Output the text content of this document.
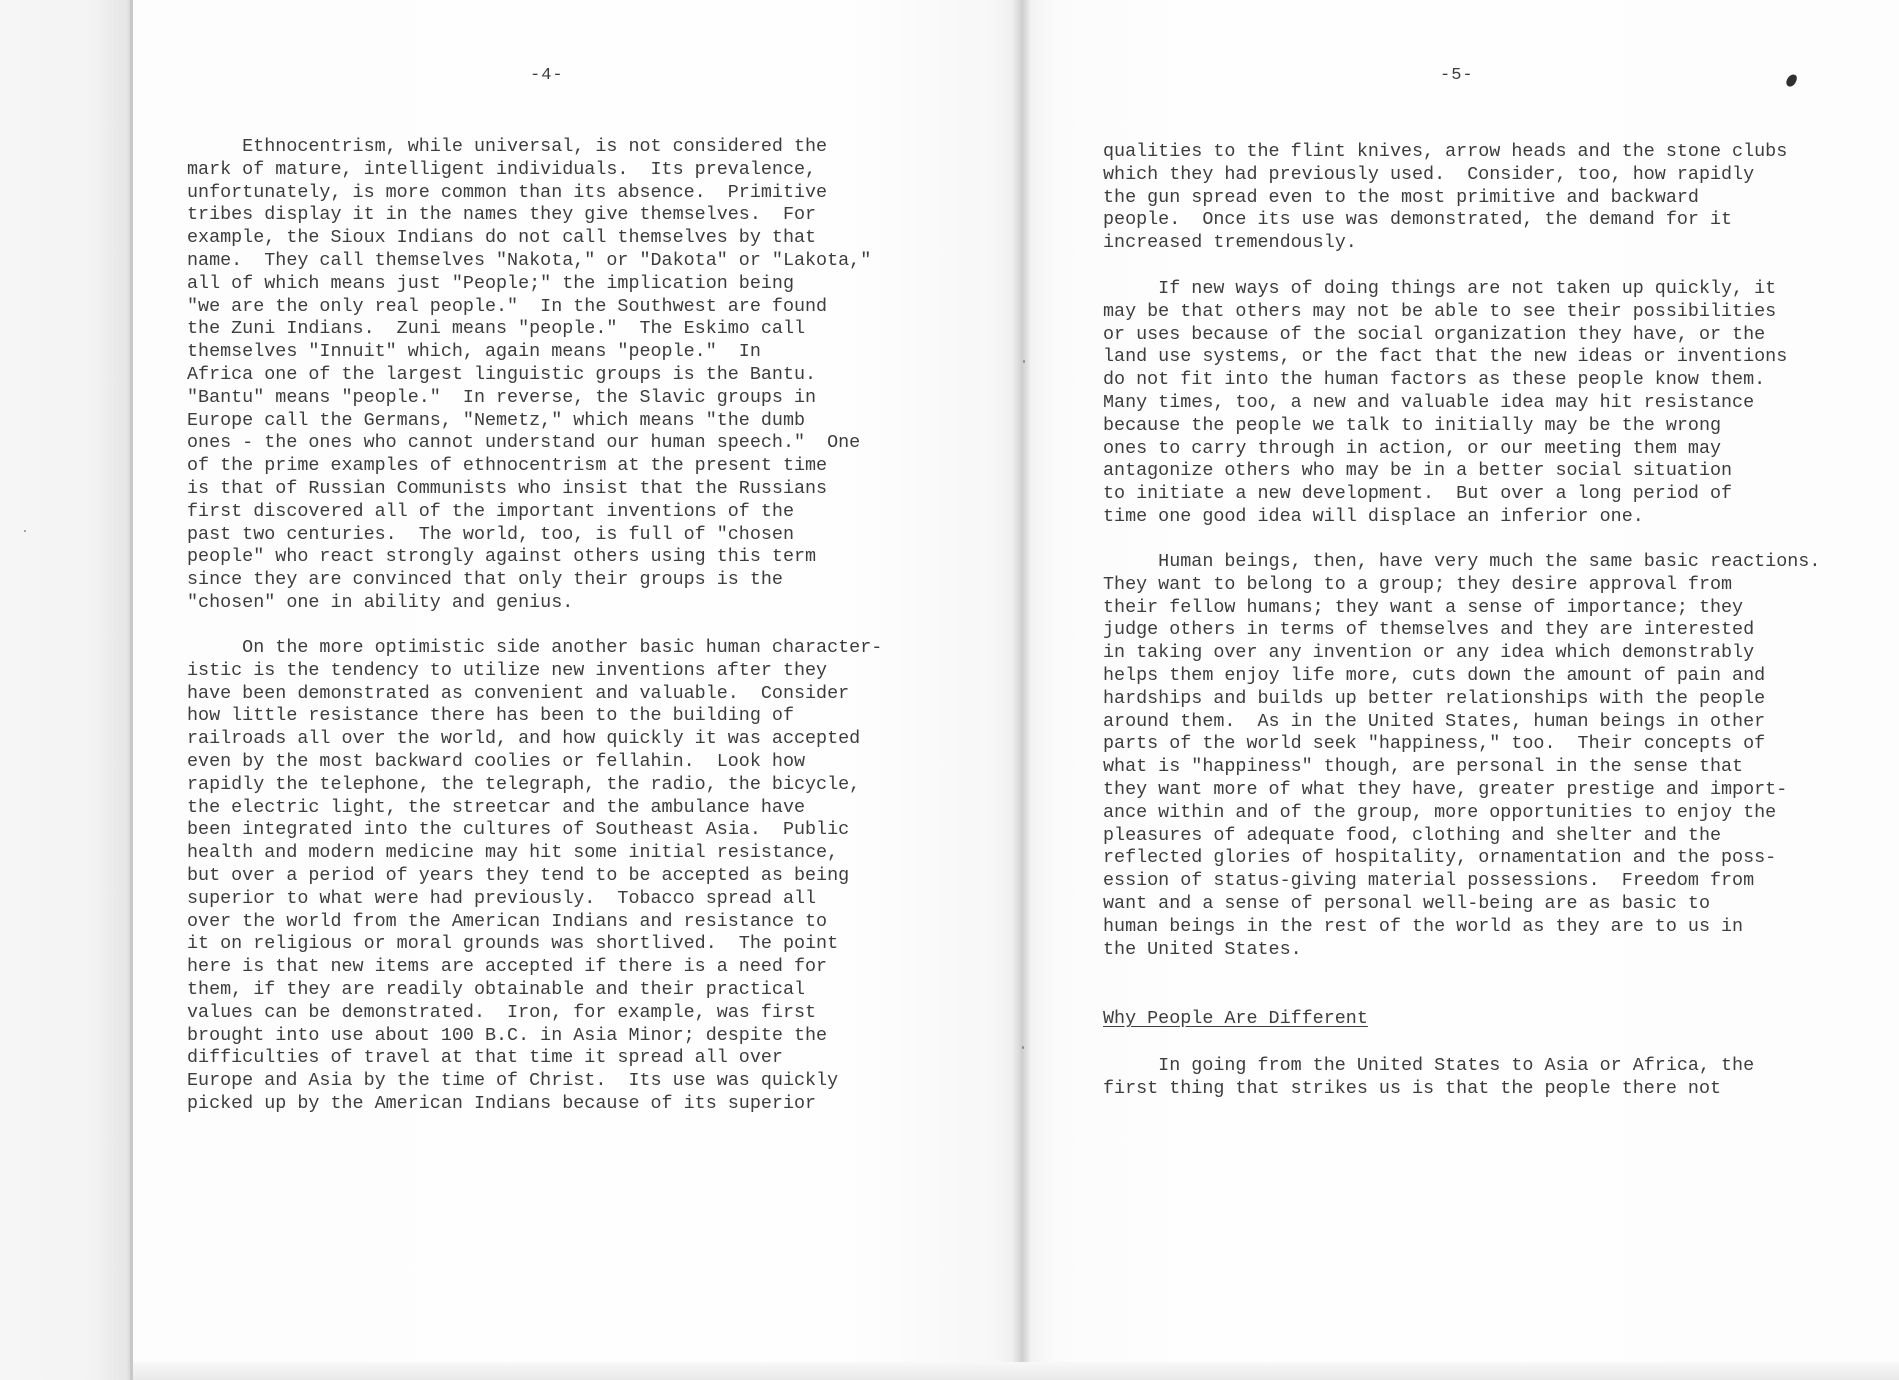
-4-
Ethnocentrism, while universal, is not considered the
mark of mature, intelligent individuals.  Its prevalence,
unfortunately, is more common than its absence.  Primitive
tribes display it in the names they give themselves.  For
example, the Sioux Indians do not call themselves by that
name.  They call themselves "Nakota," or "Dakota" or "Lakota,"
all of which means just "People;" the implication being
"we are the only real people."  In the Southwest are found
the Zuni Indians.  Zuni means "people."  The Eskimo call
themselves "Innuit" which, again means "people."  In
Africa one of the largest linguistic groups is the Bantu.
"Bantu" means "people."  In reverse, the Slavic groups in
Europe call the Germans, "Nemetz," which means "the dumb
ones - the ones who cannot understand our human speech."  One
of the prime examples of ethnocentrism at the present time
is that of Russian Communists who insist that the Russians
first discovered all of the important inventions of the
past two centuries.  The world, too, is full of "chosen
people" who react strongly against others using this term
since they are convinced that only their groups is the
"chosen" one in ability and genius.
On the more optimistic side another basic human character-
istic is the tendency to utilize new inventions after they
have been demonstrated as convenient and valuable.  Consider
how little resistance there has been to the building of
railroads all over the world, and how quickly it was accepted
even by the most backward coolies or fellahin.  Look how
rapidly the telephone, the telegraph, the radio, the bicycle,
the electric light, the streetcar and the ambulance have
been integrated into the cultures of Southeast Asia.  Public
health and modern medicine may hit some initial resistance,
but over a period of years they tend to be accepted as being
superior to what were had previously.  Tobacco spread all
over the world from the American Indians and resistance to
it on religious or moral grounds was shortlived.  The point
here is that new items are accepted if there is a need for
them, if they are readily obtainable and their practical
values can be demonstrated.  Iron, for example, was first
brought into use about 100 B.C. in Asia Minor; despite the
difficulties of travel at that time it spread all over
Europe and Asia by the time of Christ.  Its use was quickly
picked up by the American Indians because of its superior
-5-
qualities to the flint knives, arrow heads and the stone clubs
which they had previously used.  Consider, too, how rapidly
the gun spread even to the most primitive and backward
people.  Once its use was demonstrated, the demand for it
increased tremendously.
If new ways of doing things are not taken up quickly, it
may be that others may not be able to see their possibilities
or uses because of the social organization they have, or the
land use systems, or the fact that the new ideas or inventions
do not fit into the human factors as these people know them.
Many times, too, a new and valuable idea may hit resistance
because the people we talk to initially may be the wrong
ones to carry through in action, or our meeting them may
antagonize others who may be in a better social situation
to initiate a new development.  But over a long period of
time one good idea will displace an inferior one.
Human beings, then, have very much the same basic reactions.
They want to belong to a group; they desire approval from
their fellow humans; they want a sense of importance; they
judge others in terms of themselves and they are interested
in taking over any invention or any idea which demonstrably
helps them enjoy life more, cuts down the amount of pain and
hardships and builds up better relationships with the people
around them.  As in the United States, human beings in other
parts of the world seek "happiness," too.  Their concepts of
what is "happiness" though, are personal in the sense that
they want more of what they have, greater prestige and import-
ance within and of the group, more opportunities to enjoy the
pleasures of adequate food, clothing and shelter and the
reflected glories of hospitality, ornamentation and the poss-
ession of status-giving material possessions.  Freedom from
want and a sense of personal well-being are as basic to
human beings in the rest of the world as they are to us in
the United States.
Why People Are Different
In going from the United States to Asia or Africa, the
first thing that strikes us is that the people there not
